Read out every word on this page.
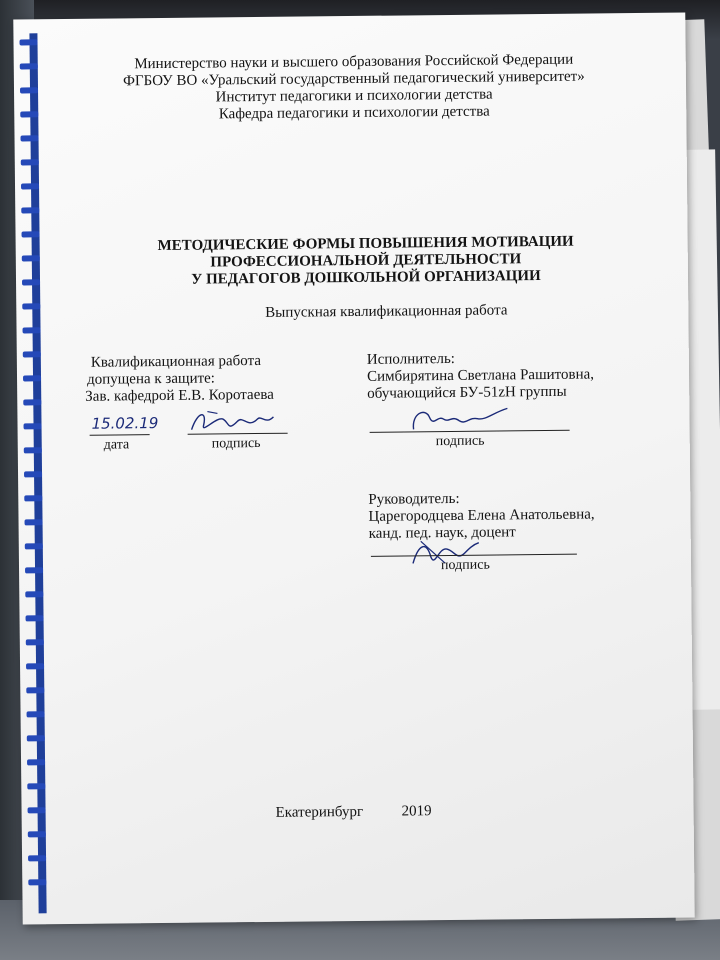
Министерство науки и высшего образования Российской Федерации
ФГБОУ ВО «Уральский государственный педагогический университет»
Институт педагогики и психологии детства
Кафедра педагогики и психологии детства
МЕТОДИЧЕСКИЕ ФОРМЫ ПОВЫШЕНИЯ МОТИВАЦИИ
ПРОФЕССИОНАЛЬНОЙ ДЕЯТЕЛЬНОСТИ
У ПЕДАГОГОВ ДОШКОЛЬНОЙ ОРГАНИЗАЦИИ
Выпускная квалификационная работа
Квалификационная работа
допущена к защите:
Зав. кафедрой Е.В. Коротаева
15.02.19
дата	подпись
Исполнитель:
Симбирятина Светлана Рашитовна,
обучающийся БУ-51zН группы
подпись
Руководитель:
Царегородцева Елена Анатольевна,
канд. пед. наук, доцент
подпись
Екатеринбург	2019
